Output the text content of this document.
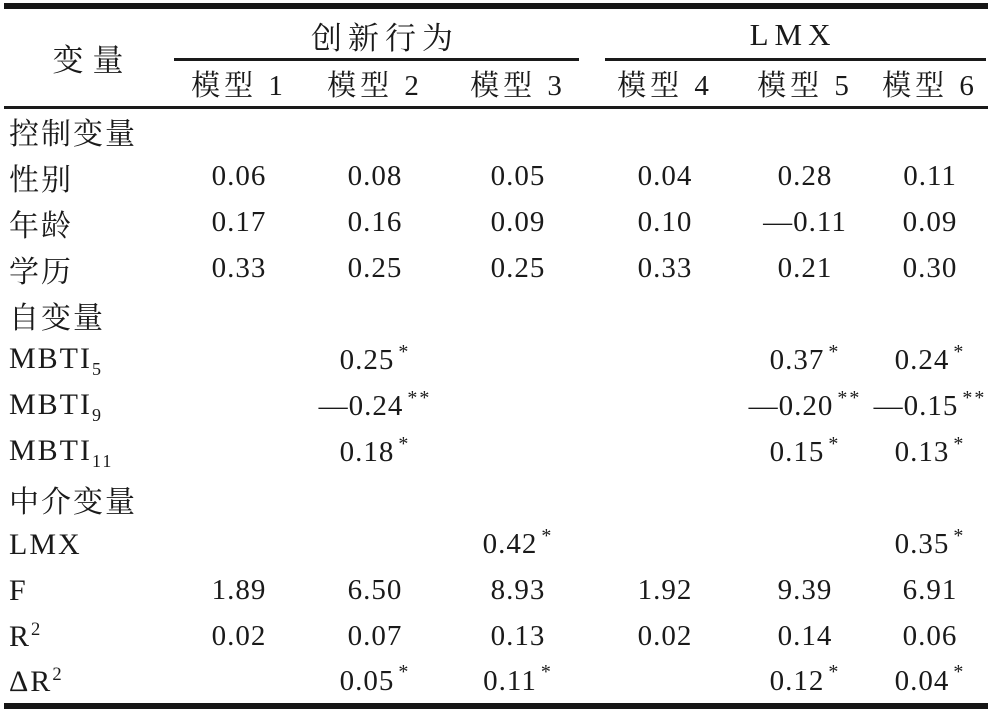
变量	创新行为			LMX		
	模型 1	模型 2	模型 3	模型 4	模型 5	模型 6
控制变量						
性别	0.06	0.08	0.05	0.04	0.28	0.11
年龄	0.17	0.16	0.09	0.10	—0.11	0.09
学历	0.33	0.25	0.25	0.33	0.21	0.30
自变量						
$MBTI_5$		0.25 *			0.37 *	0.24 *
$MBTI_9$		—0.24 **			—0.20 **	—0.15 **
$MBTI_{11}$		0.18 *			0.15 *	0.13 *
中介变量						
LMX			0.42 *			0.35 *
F	1.89	6.50	8.93	1.92	9.39	6.91
$R^2$	0.02	0.07	0.13	0.02	0.14	0.06
$\Delta R^2$		0.05 *	0.11 *		0.12 *	0.04 *
